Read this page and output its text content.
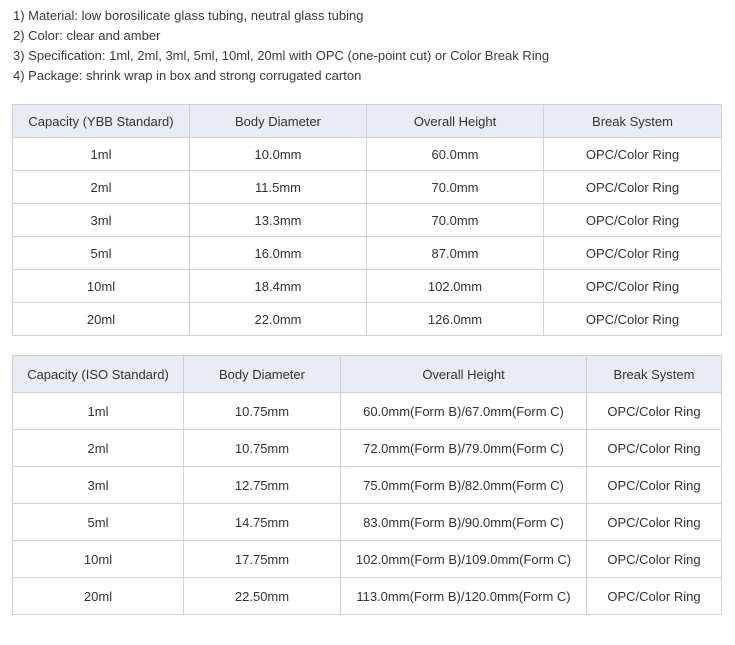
1) Material: low borosilicate glass tubing, neutral glass tubing
2) Color: clear and amber
3) Specification: 1ml, 2ml, 3ml, 5ml, 10ml, 20ml with OPC (one-point cut) or Color Break Ring
4) Package: shrink wrap in box and strong corrugated carton
Capacity (YBB Standard)	Body Diameter	Overall Height	Break System
1ml	10.0mm	60.0mm	OPC/Color Ring
2ml	11.5mm	70.0mm	OPC/Color Ring
3ml	13.3mm	70.0mm	OPC/Color Ring
5ml	16.0mm	87.0mm	OPC/Color Ring
10ml	18.4mm	102.0mm	OPC/Color Ring
20ml	22.0mm	126.0mm	OPC/Color Ring
Capacity (ISO Standard)	Body Diameter	Overall Height	Break System
1ml	10.75mm	60.0mm(Form B)/67.0mm(Form C)	OPC/Color Ring
2ml	10.75mm	72.0mm(Form B)/79.0mm(Form C)	OPC/Color Ring
3ml	12.75mm	75.0mm(Form B)/82.0mm(Form C)	OPC/Color Ring
5ml	14.75mm	83.0mm(Form B)/90.0mm(Form C)	OPC/Color Ring
10ml	17.75mm	102.0mm(Form B)/109.0mm(Form C)	OPC/Color Ring
20ml	22.50mm	113.0mm(Form B)/120.0mm(Form C)	OPC/Color Ring
